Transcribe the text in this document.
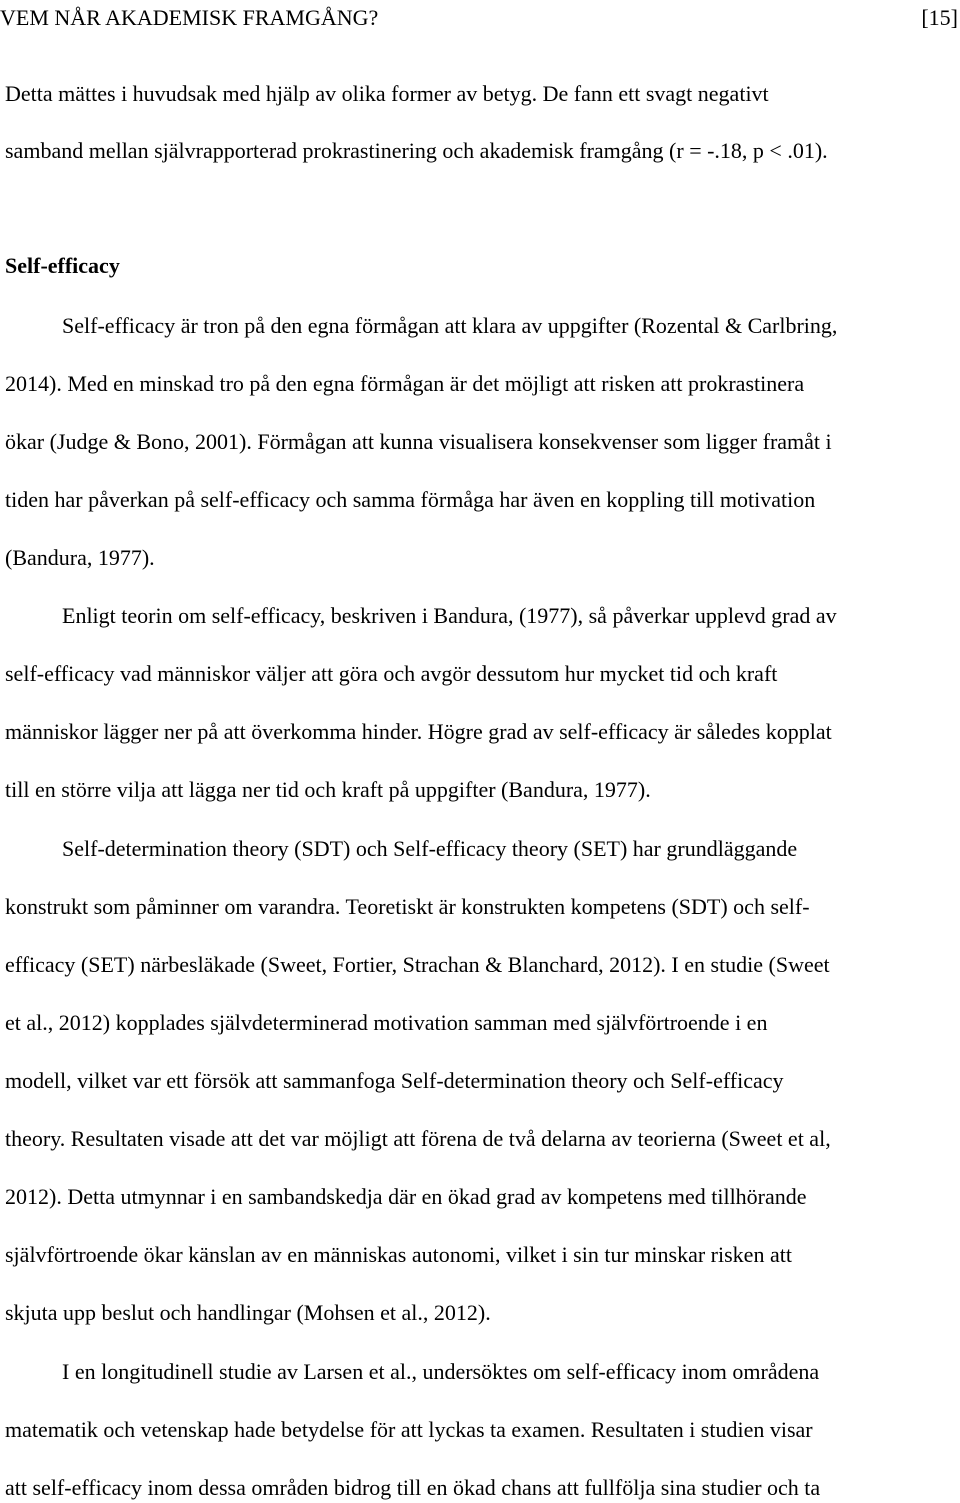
VEM NÅR AKADEMISK FRAMGÅNG?	[15]

Detta mättes i huvudsak med hjälp av olika former av betyg. De fann ett svagt negativt

samband mellan självrapporterad prokrastinering och akademisk framgång (r = -.18, p < .01).

Self-efficacy

Self-efficacy är tron på den egna förmågan att klara av uppgifter (Rozental & Carlbring,

2014). Med en minskad tro på den egna förmågan är det möjligt att risken att prokrastinera

ökar (Judge & Bono, 2001). Förmågan att kunna visualisera konsekvenser som ligger framåt i

tiden har påverkan på self-efficacy och samma förmåga har även en koppling till motivation

(Bandura, 1977).

Enligt teorin om self-efficacy, beskriven i Bandura, (1977), så påverkar upplevd grad av

self-efficacy vad människor väljer att göra och avgör dessutom hur mycket tid och kraft

människor lägger ner på att överkomma hinder. Högre grad av self-efficacy är således kopplat

till en större vilja att lägga ner tid och kraft på uppgifter (Bandura, 1977).

Self-determination theory (SDT) och Self-efficacy theory (SET) har grundläggande

konstrukt som påminner om varandra. Teoretiskt är konstrukten kompetens (SDT) och self-

efficacy (SET) närbesläkade (Sweet, Fortier, Strachan & Blanchard, 2012). I en studie (Sweet

et al., 2012) kopplades självdeterminerad motivation samman med självförtroende i en

modell, vilket var ett försök att sammanfoga Self-determination theory och Self-efficacy

theory. Resultaten visade att det var möjligt att förena de två delarna av teorierna (Sweet et al,

2012). Detta utmynnar i en sambandskedja där en ökad grad av kompetens med tillhörande

självförtroende ökar känslan av en människas autonomi, vilket i sin tur minskar risken att

skjuta upp beslut och handlingar (Mohsen et al., 2012).

I en longitudinell studie av Larsen et al., undersöktes om self-efficacy inom områdena

matematik och vetenskap hade betydelse för att lyckas ta examen. Resultaten i studien visar

att self-efficacy inom dessa områden bidrog till en ökad chans att fullfölja sina studier och ta
